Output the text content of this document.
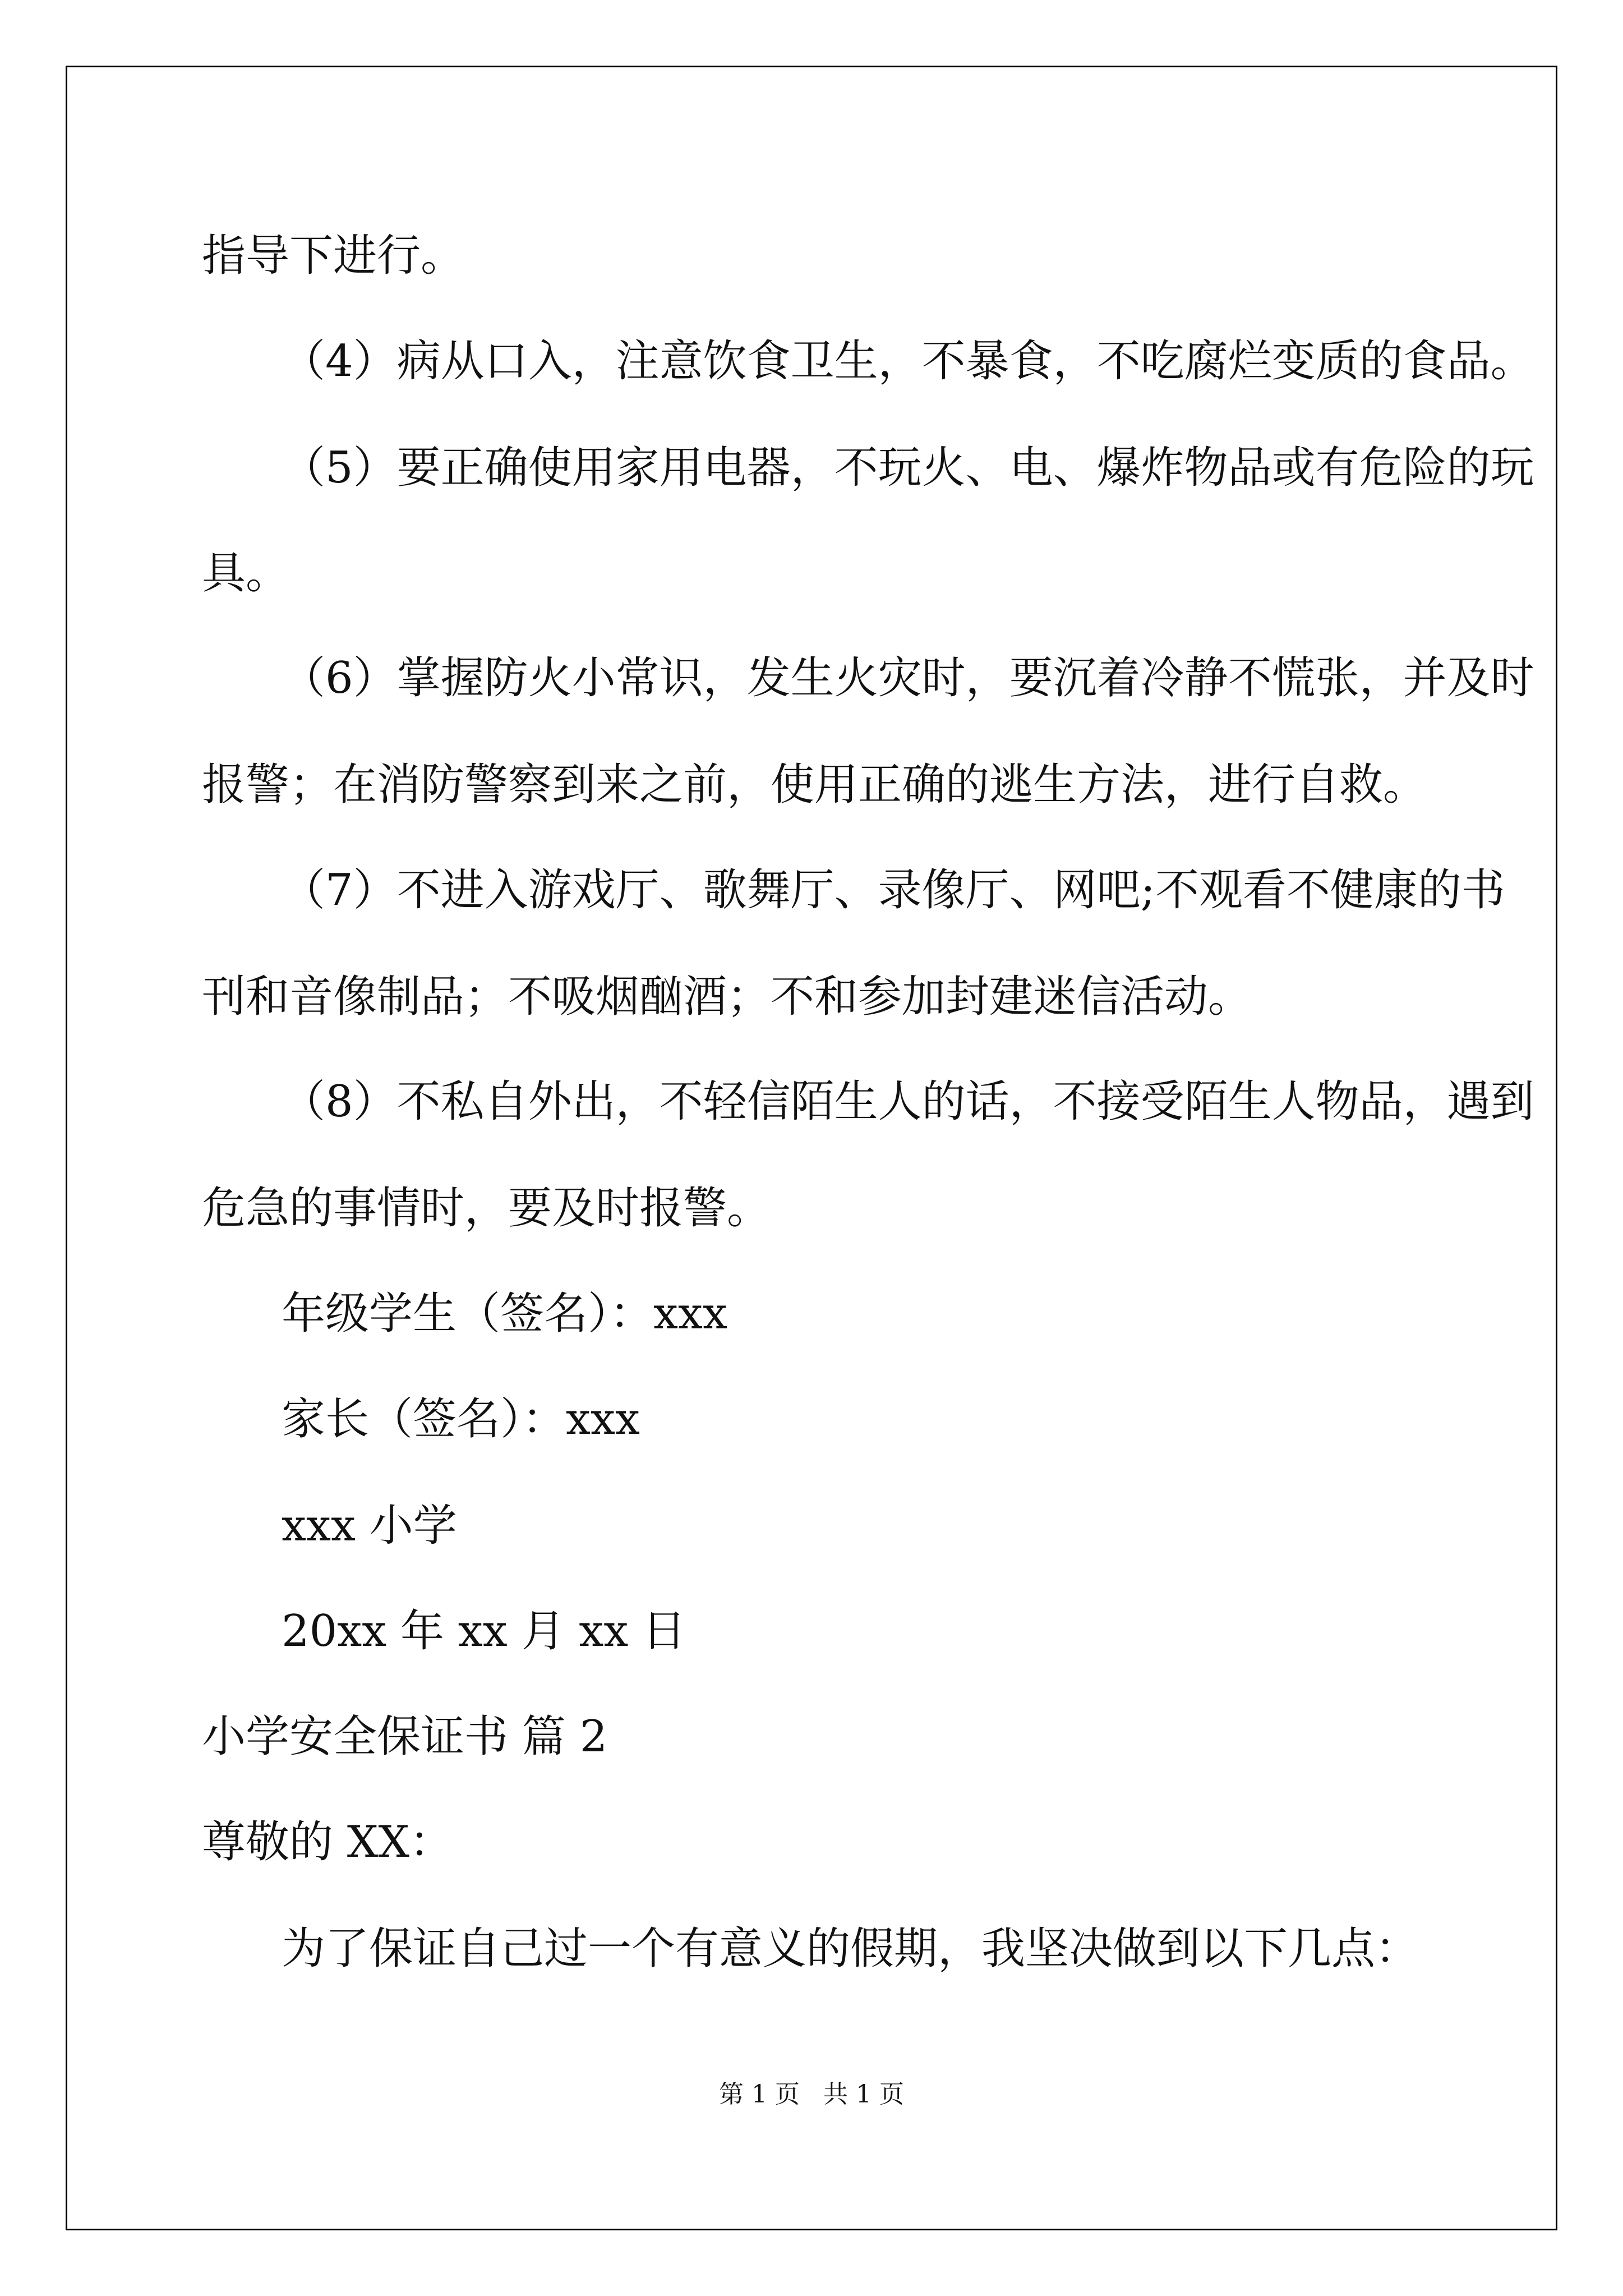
指导下进行。
（4）病从口入，注意饮食卫生，不暴食，不吃腐烂变质的食品。
（5）要正确使用家用电器，不玩火、电、爆炸物品或有危险的玩
具。
（6）掌握防火小常识，发生火灾时，要沉着冷静不慌张，并及时
报警；在消防警察到来之前，使用正确的逃生方法，进行自救。
（7）不进入游戏厅、歌舞厅、录像厅、网吧;不观看不健康的书
刊和音像制品；不吸烟酗酒；不和参加封建迷信活动。
（8）不私自外出，不轻信陌生人的话，不接受陌生人物品，遇到
危急的事情时，要及时报警。
年级学生（签名）：xxx
家长（签名）：xxx
xxx 小学
20xx 年 xx 月 xx 日
小学安全保证书 篇 2
尊敬的 XX：
为了保证自己过一个有意义的假期，我坚决做到以下几点：
第 1 页   共 1 页
